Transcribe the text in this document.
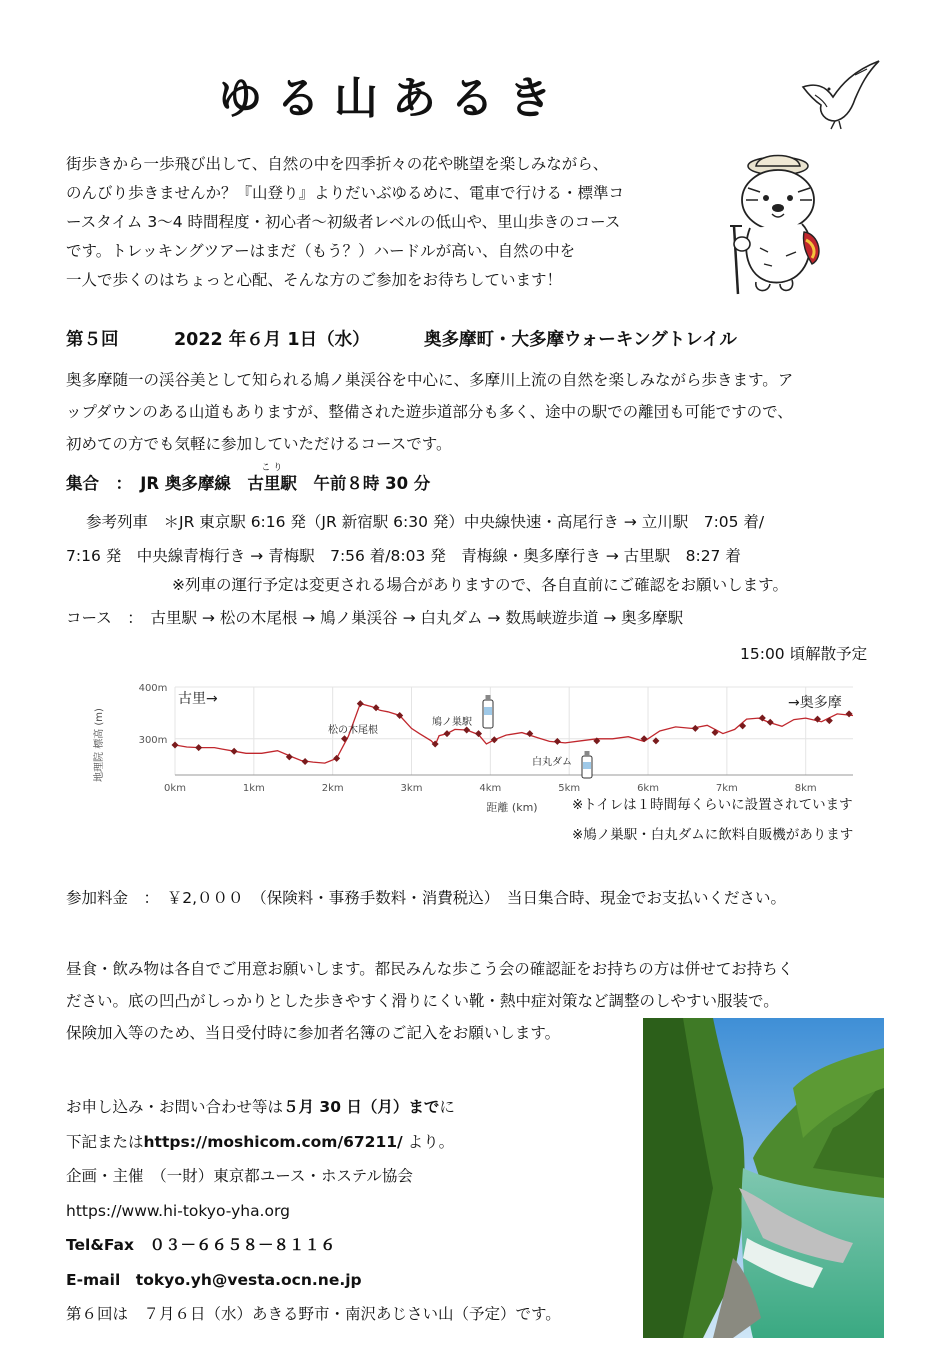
ゆる山あるき
街歩きから一歩飛び出して、自然の中を四季折々の花や眺望を楽しみながら、
のんびり歩きませんか？『山登り』よりだいぶゆるめに、電車で行ける・標準コ
ースタイム 3〜4 時間程度・初心者〜初級者レベルの低山や、里山歩きのコース
です。トレッキングツアーはまだ（もう？）ハードルが高い、自然の中を
一人で歩くのはちょっと心配、そんな方のご参加をお待ちしています！
第５回	2022 年６月 1日（水）	奥多摩町・大多摩ウォーキングトレイル
奥多摩随一の渓谷美として知られる鳩ノ巣渓谷を中心に、多摩川上流の自然を楽しみながら歩きます。ア
ップダウンのある山道もありますが、整備された遊歩道部分も多く、途中の駅での離団も可能ですので、
初めての方でも気軽に参加していただけるコースです。
集合　：　JR 奥多摩線　
こ り
古里駅　午前８時 30 分
参考列車　＊JR 東京駅 6:16 発（JR 新宿駅 6:30 発）中央線快速・高尾行き → 立川駅　7:05 着/
7:16 発　中央線青梅行き → 青梅駅　7:56 着/8:03 発　青梅線・奥多摩行き → 古里駅　8:27 着
※列車の運行予定は変更される場合がありますので、各自直前にご確認をお願いします。
コース　：　古里駅 → 松の木尾根 → 鳩ノ巣渓谷 → 白丸ダム → 数馬峡遊歩道 → 奥多摩駅
15:00 頃解散予定
0km	1km	2km	3km	4km	5km	6km	7km	8km
400m
300m
地理院 標高 (m)
距離 (km)
古里→
松の木尾根
鳩ノ巣駅
白丸ダム
→奥多摩
※トイレは１時間毎くらいに設置されています
※鳩ノ巣駅・白丸ダムに飲料自販機があります
参加料金　：　￥2,０００　（保険料・事務手数料・消費税込）　当日集合時、現金でお支払いください。
昼食・飲み物は各自でご用意お願いします。都民みんな歩こう会の確認証をお持ちの方は併せてお持ちく
ださい。底の凹凸がしっかりとした歩きやすく滑りにくい靴・熱中症対策など調整のしやすい服装で。
保険加入等のため、当日受付時に参加者名簿のご記入をお願いします。
お申し込み・お問い合わせ等は５月 30 日（月）までに
下記またはhttps://moshicom.com/67211/ より。
企画・主催　（一財）東京都ユース・ホステル協会
https://www.hi-tokyo-yha.org
Tel&Fax　０３－６６５８－８１１６
E-mail　 tokyo.yh@vesta.ocn.ne.jp
第６回は　７月６日（水）あきる野市・南沢あじさい山（予定）です。
